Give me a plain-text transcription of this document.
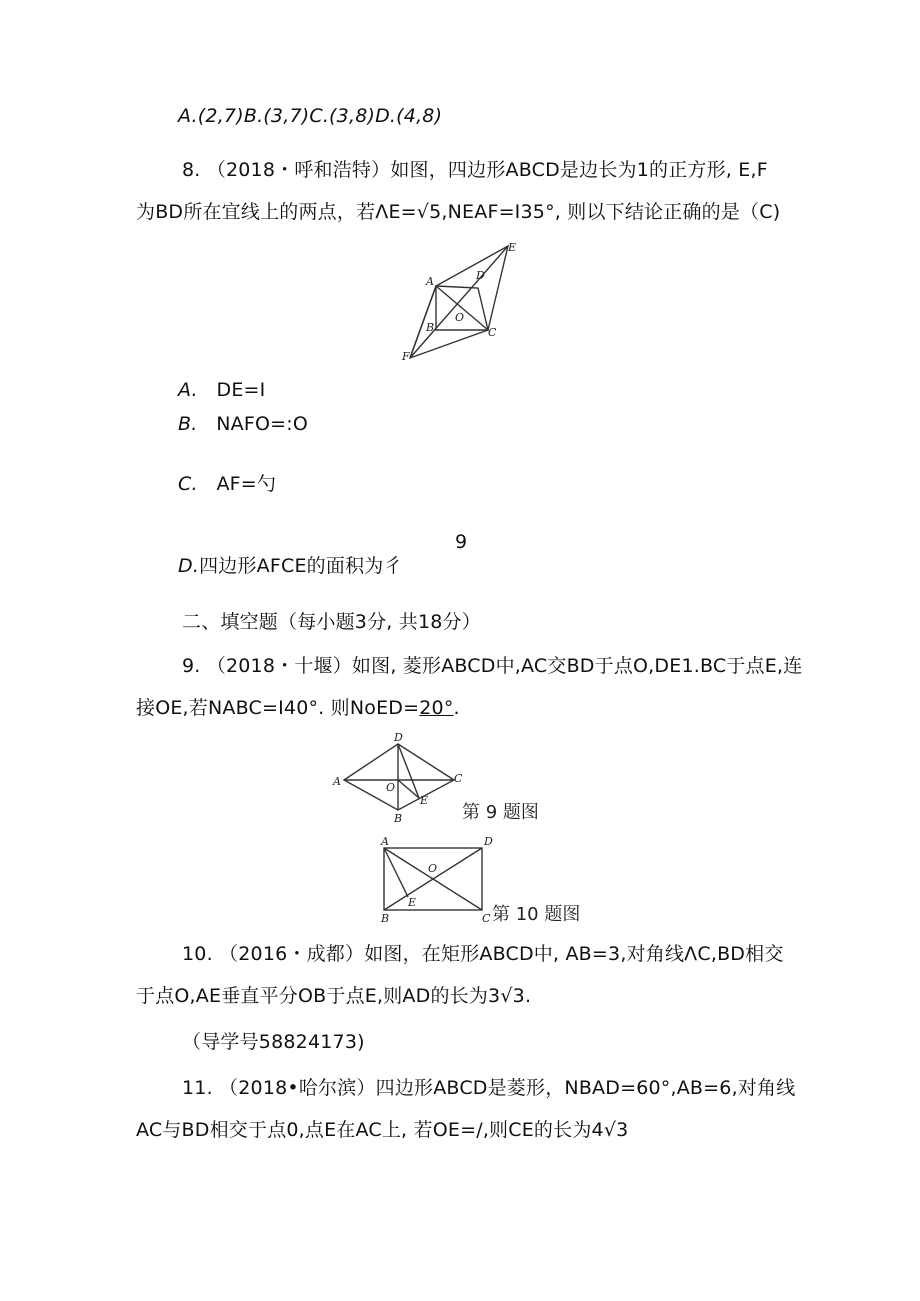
A.(2,7)B.(3,7)C.(3,8)D.(4,8)
8. （2018・呼和浩特）如图，四边形ABCD是边长为1的正方形, E,F
为BD所在宜线上的两点，若ΛE=√5,NEAF=I35°, 则以下结论正确的是（C)
A	D
E
O
B	C
F
A. DE=I
B. NAFO=:O
C. AF=勺
9
D.四边形AFCE的面积为彳
二、填空题（每小题3分, 共18分）
9. （2018・十堰）如图, 菱形ABCD中,AC交BD于点O,DE1.BC于点E,连
接OE,若NABC=I40°. 则NoED=20°.
A
D
C
O
E
B	第 9 题图
A	D
O
E
B	C 第 10 题图
10. （2016・成都）如图，在矩形ABCD中, AB=3,对角线ΛC,BD相交
于点O,AE垂直平分OB于点E,则AD的长为3√3.
（导学号58824173)
11. （2018•哈尔滨）四边形ABCD是菱形，NBAD=60°,AB=6,对角线
AC与BD相交于点0,点E在AC上, 若OE=/,则CE的长为4√3
